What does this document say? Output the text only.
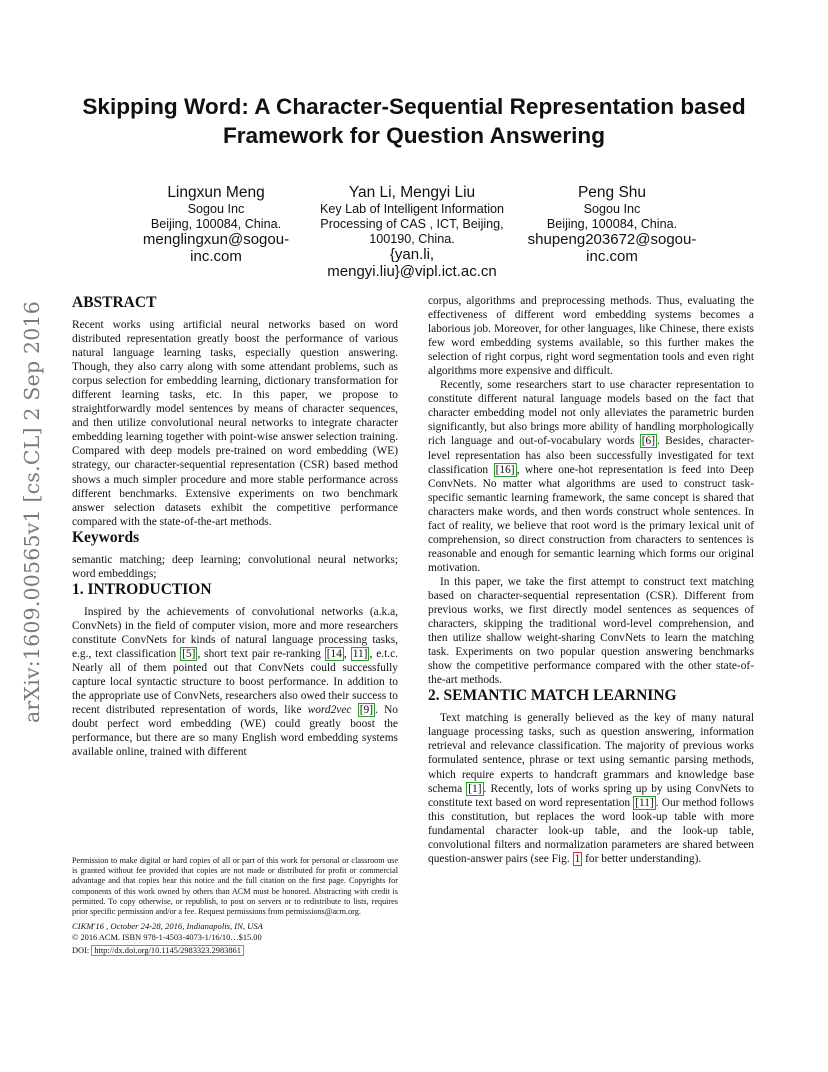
arXiv:1609.00565v1 [cs.CL] 2 Sep 2016
Skipping Word: A Character-Sequential Representation based Framework for Question Answering
Lingxun Meng
Sogou Inc
Beijing, 100084, China.
menglingxun@sogou-inc.com
Yan Li, Mengyi Liu
Key Lab of Intelligent Information Processing of CAS , ICT, Beijing, 100190, China.
{yan.li, mengyi.liu}@vipl.ict.ac.cn
Peng Shu
Sogou Inc
Beijing, 100084, China.
shupeng203672@sogou-inc.com
ABSTRACT

Recent works using artificial neural networks based on word distributed representation greatly boost the performance of various natural language learning tasks, especially question answering. Though, they also carry along with some attendant problems, such as corpus selection for embedding learning, dictionary transformation for different learning tasks, etc. In this paper, we propose to straightforwardly model sentences by means of character sequences, and then utilize convolutional neural networks to integrate character embedding learning together with point-wise answer selection training. Compared with deep models pre-trained on word embedding (WE) strategy, our character-sequential representation (CSR) based method shows a much simpler procedure and more stable performance across different benchmarks. Extensive experiments on two benchmark answer selection datasets exhibit the competitive performance compared with the state-of-the-art methods.

Keywords

semantic matching; deep learning; convolutional neural networks; word embeddings;

1. INTRODUCTION

Inspired by the achievements of convolutional networks (a.k.a, ConvNets) in the field of computer vision, more and more researchers constitute ConvNets for kinds of natural language processing tasks, e.g., text classification [5] , short text pair re-ranking [14 , 11] , e.t.c. Nearly all of them pointed out that ConvNets could successfully capture local syntactic structure to boost performance. In addition to the appropriate use of ConvNets, researchers also owed their success to recent distributed representation of words, like word2vec [9] . No doubt perfect word embedding (WE) could greatly boost the performance, but there are so many English word embedding systems available online, trained with different

Permission to make digital or hard copies of all or part of this work for personal or classroom use is granted without fee provided that copies are not made or distributed for profit or commercial advantage and that copies bear this notice and the full citation on the first page. Copyrights for components of this work owned by others than ACM must be honored. Abstracting with credit is permitted. To copy otherwise, or republish, to post on servers or to redistribute to lists, requires prior specific permission and/or a fee. Request permissions from permissions@acm.org.

CIKM'16 , October 24-28, 2016, Indianapolis, IN, USA

© 2016 ACM. ISBN 978-1-4503-4073-1/16/10…$15.00

DOI: http://dx.doi.org/10.1145/2983323.2983861

corpus, algorithms and preprocessing methods. Thus, evaluating the effectiveness of different word embedding systems becomes a laborious job. Moreover, for other languages, like Chinese, there exists few word embedding systems available, so this further makes the selection of right corpus, right word segmentation tools and even right algorithms more expensive and difficult.

Recently, some researchers start to use character representation to constitute different natural language models based on the fact that character embedding model not only alleviates the parametric burden significantly, but also brings more ability of handling morphologically rich language and out-of-vocabulary words [6] . Besides, character-level representation has also been successfully investigated for text classification [16] , where one-hot representation is feed into Deep ConvNets. No matter what algorithms are used to construct task-specific semantic learning framework, the same concept is shared that characters make words, and then words construct whole sentences. In fact of reality, we believe that root word is the primary lexical unit of comprehension, so direct construction from characters to sentences is reasonable and enough for semantic learning which forms our original motivation.

In this paper, we take the first attempt to construct text matching based on character-sequential representation (CSR). Different from previous works, we first directly model sentences as sequences of characters, skipping the traditional word-level comprehension, and then utilize shallow weight-sharing ConvNets to learn the matching task. Experiments on two popular question answering benchmarks show the competitive performance compared with the other state-of-the-art methods.

2. SEMANTIC MATCH LEARNING

Text matching is generally believed as the key of many natural language processing tasks, such as question answering, information retrieval and relevance classification. The majority of previous works formulated sentence, phrase or text using semantic parsing methods, which require experts to handcraft grammars and knowledge base schema [1] . Recently, lots of works spring up by using ConvNets to constitute text based on word representation [11] . Our method follows this constitution, but replaces the word look-up table with more fundamental character look-up table, and the look-up table, convolutional filters and normalization parameters are shared between question-answer pairs (see Fig. 1 for better understanding).
